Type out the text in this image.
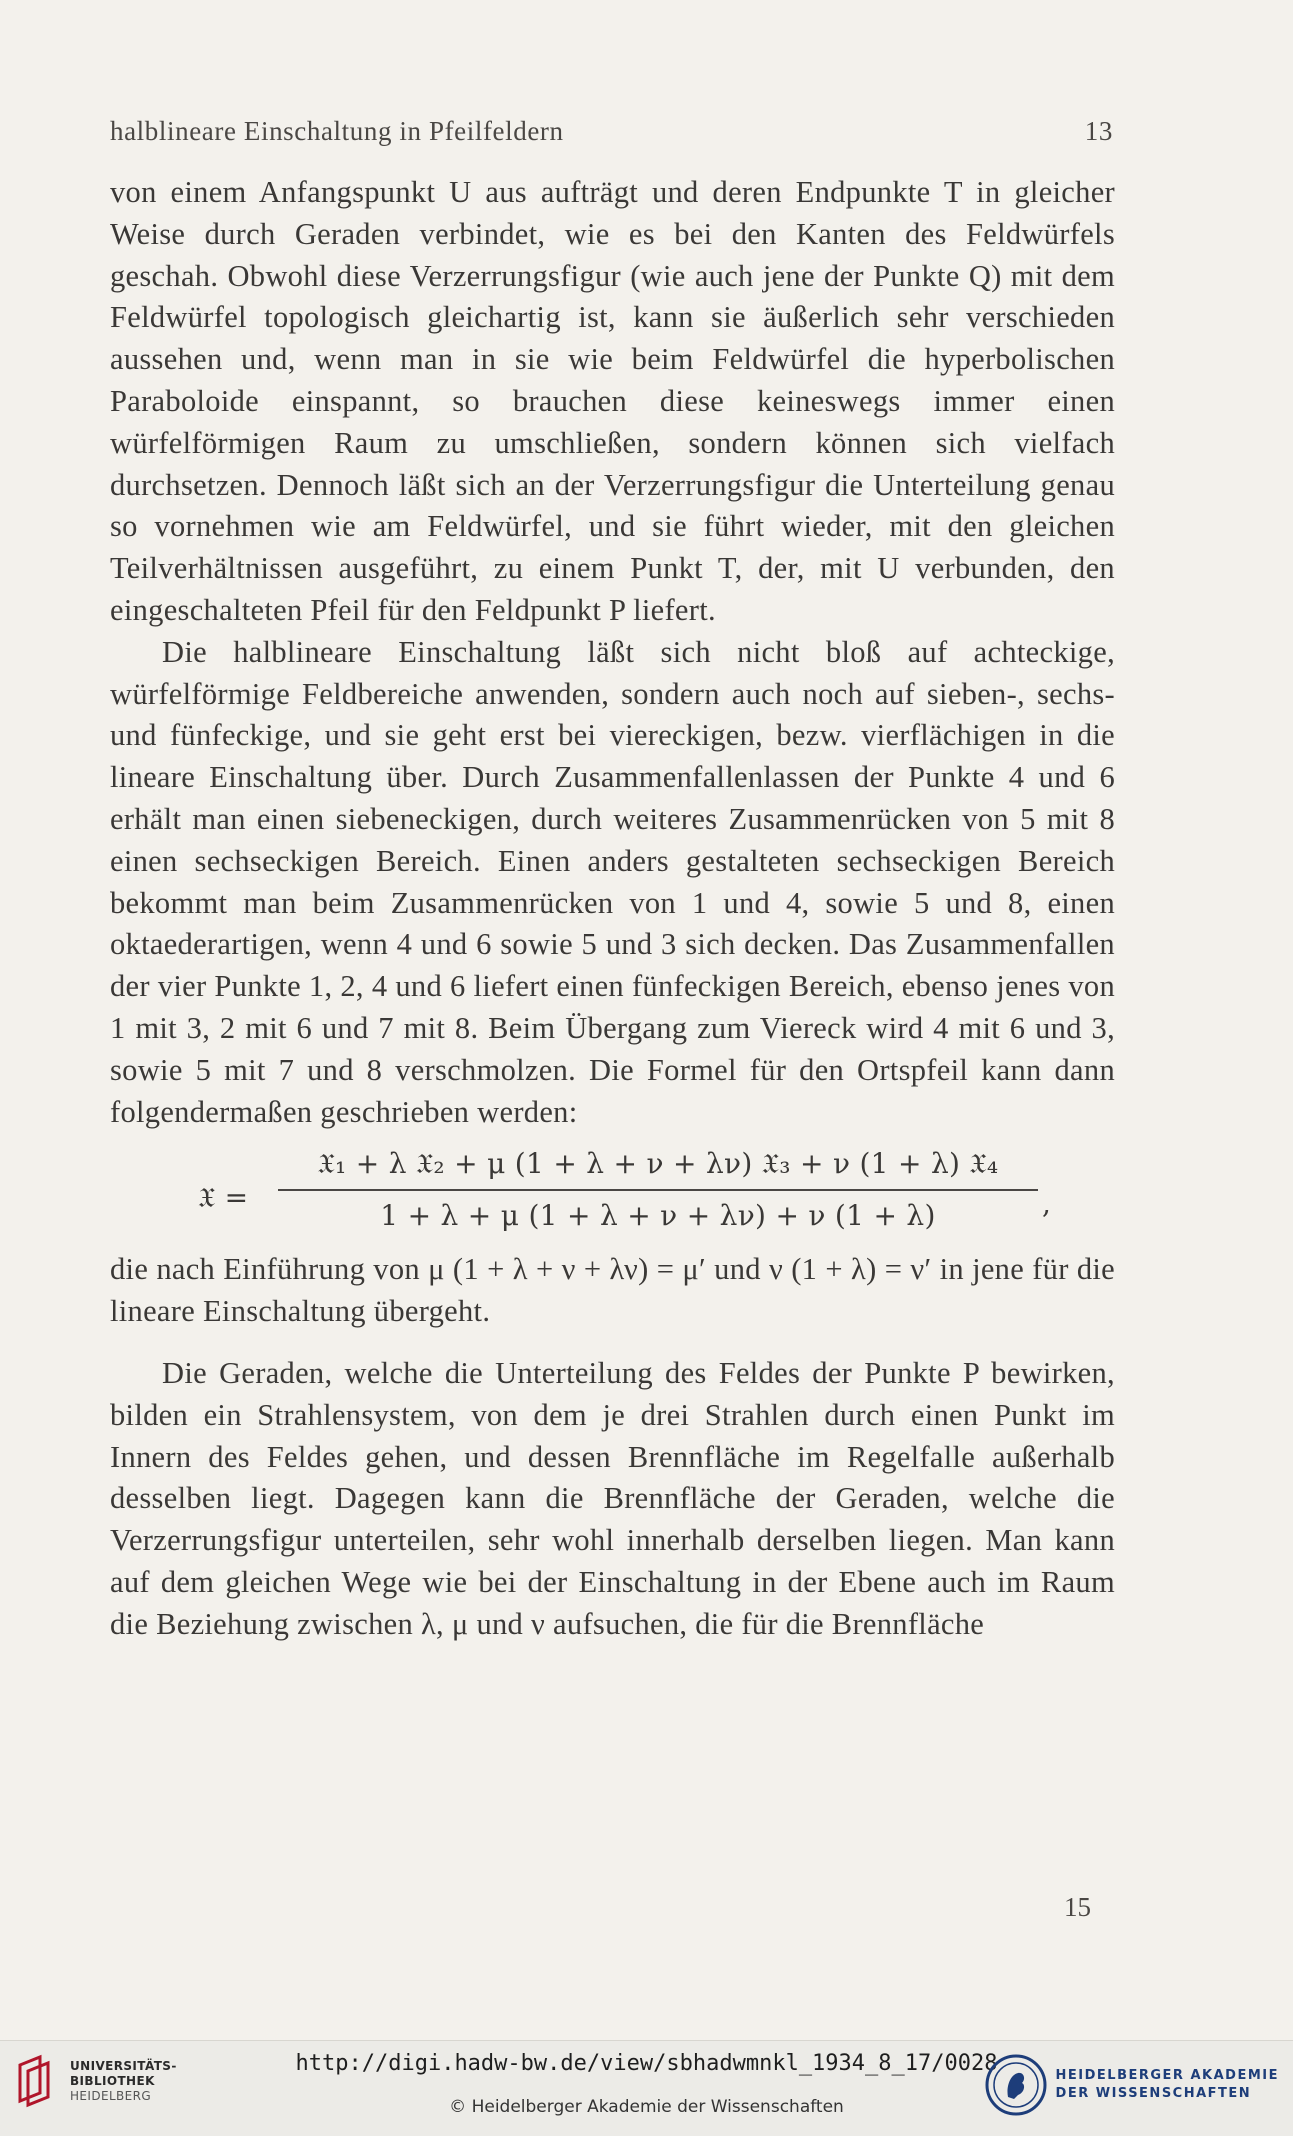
halblineare Einschaltung in Pfeilfeldern	13

von einem Anfangspunkt U aus aufträgt und deren Endpunkte T in gleicher Weise durch Geraden verbindet, wie es bei den Kanten des Feldwürfels geschah. Obwohl diese Verzerrungsfigur (wie auch jene der Punkte Q) mit dem Feldwürfel topologisch gleichartig ist, kann sie äußerlich sehr verschieden aussehen und, wenn man in sie wie beim Feldwürfel die hyperbolischen Paraboloide einspannt, so brauchen diese keineswegs immer einen würfelförmigen Raum zu umschließen, sondern können sich vielfach durchsetzen. Dennoch läßt sich an der Verzerrungsfigur die Unterteilung genau so vornehmen wie am Feldwürfel, und sie führt wieder, mit den gleichen Teilverhältnissen ausgeführt, zu einem Punkt T, der, mit U verbunden, den eingeschalteten Pfeil für den Feldpunkt P liefert.

Die halblineare Einschaltung läßt sich nicht bloß auf achteckige, würfelförmige Feldbereiche anwenden, sondern auch noch auf sieben-, sechs- und fünfeckige, und sie geht erst bei viereckigen, bezw. vierflächigen in die lineare Einschaltung über. Durch Zusammenfallenlassen der Punkte 4 und 6 erhält man einen siebeneckigen, durch weiteres Zusammenrücken von 5 mit 8 einen sechseckigen Bereich. Einen anders gestalteten sechseckigen Bereich bekommt man beim Zusammenrücken von 1 und 4, sowie 5 und 8, einen oktaederartigen, wenn 4 und 6 sowie 5 und 3 sich decken. Das Zusammenfallen der vier Punkte 1, 2, 4 und 6 liefert einen fünfeckigen Bereich, ebenso jenes von 1 mit 3, 2 mit 6 und 7 mit 8. Beim Übergang zum Viereck wird 4 mit 6 und 3, sowie 5 mit 7 und 8 verschmolzen. Die Formel für den Ortspfeil kann dann folgendermaßen geschrieben werden:

𝔛 =
𝔛₁ + λ 𝔛₂ + μ (1 + λ + ν + λν) 𝔛₃ + ν (1 + λ) 𝔛₄
1 + λ + μ (1 + λ + ν + λν) + ν (1 + λ)	,

die nach Einführung von μ (1 + λ + ν + λν) = μ′ und ν (1 + λ) = ν′ in jene für die lineare Einschaltung übergeht.

Die Geraden, welche die Unterteilung des Feldes der Punkte P bewirken, bilden ein Strahlensystem, von dem je drei Strahlen durch einen Punkt im Innern des Feldes gehen, und dessen Brennfläche im Regelfalle außerhalb desselben liegt. Dagegen kann die Brennfläche der Geraden, welche die Verzerrungsfigur unterteilen, sehr wohl innerhalb derselben liegen. Man kann auf dem gleichen Wege wie bei der Einschaltung in der Ebene auch im Raum die Beziehung zwischen λ, μ und ν aufsuchen, die für die Brennfläche

15
UNIVERSITÄTS-
BIBLIOTHEK
HEIDELBERG
http://digi.hadw-bw.de/view/sbhadwmnkl_1934_8_17/0028
© Heidelberger Akademie der Wissenschaften
HEIDELBERGER AKADEMIE
DER WISSENSCHAFTEN
